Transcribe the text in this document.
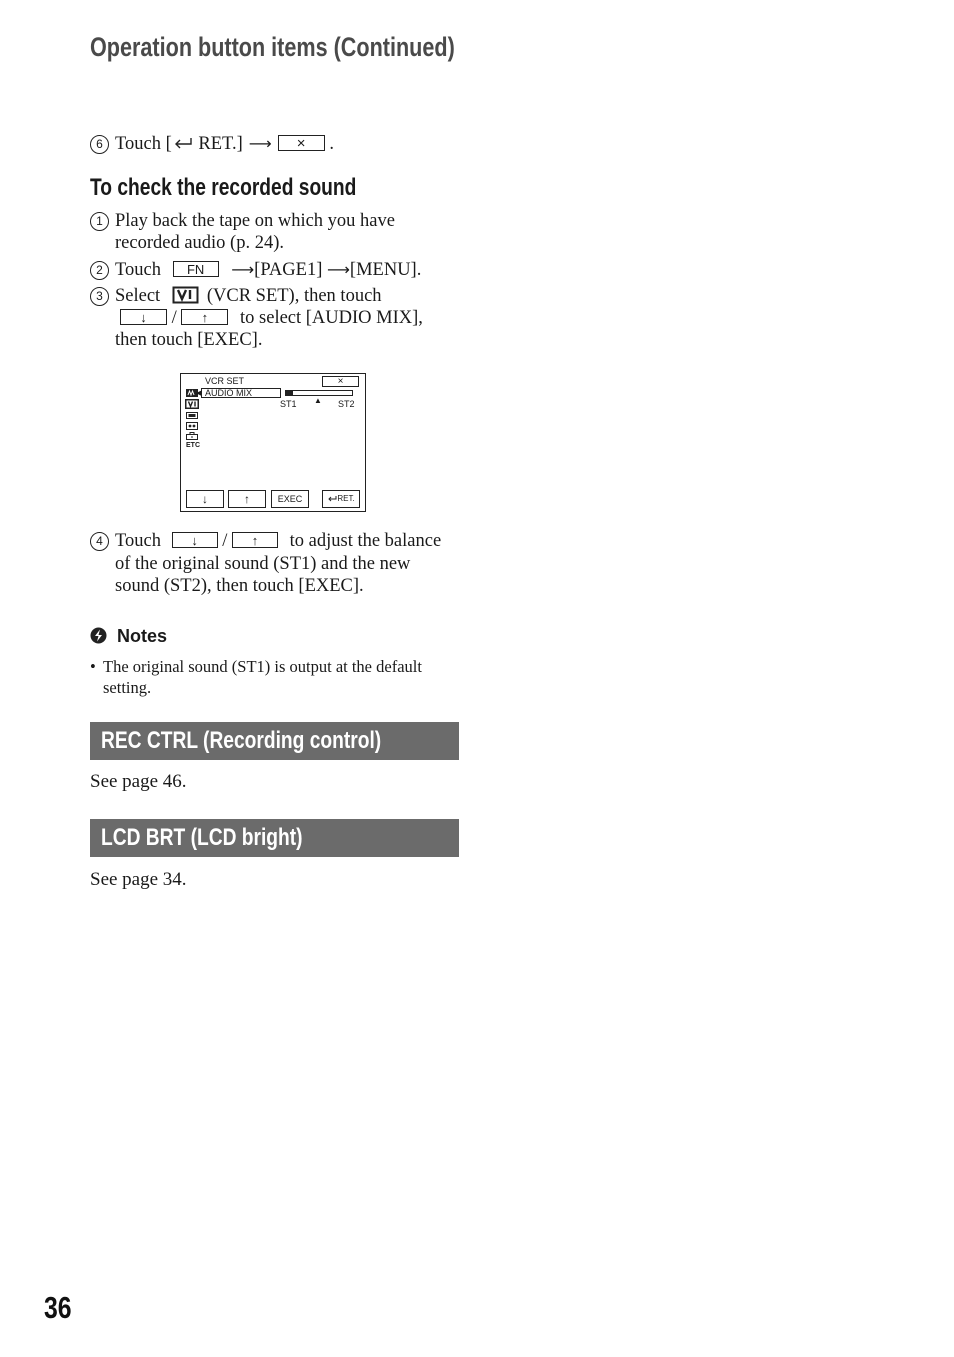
Operation button items (Continued)
6 Touch [ RET.] ⟶ × .
To check the recorded sound
1 Play back the tape on which you have
recorded audio (p. 24).
2 Touch FN ⟶[PAGE1] ⟶[MENU].
3 Select	(VCR SET), then touch
↓ / ↑ to select [AUDIO MIX],
then touch [EXEC].
VCR SET	×
ETC
◀ AUDIO MIX
ST1 ▲ ST2
↓	↑	EXEC	RET.
4 Touch ↓ / ↑ to adjust the balance
of the original sound (ST1) and the new
sound (ST2), then touch [EXEC].
Notes
• The original sound (ST1) is output at the default
setting.
REC CTRL (Recording control)
See page 46.
LCD BRT (LCD bright)
See page 34.
36
